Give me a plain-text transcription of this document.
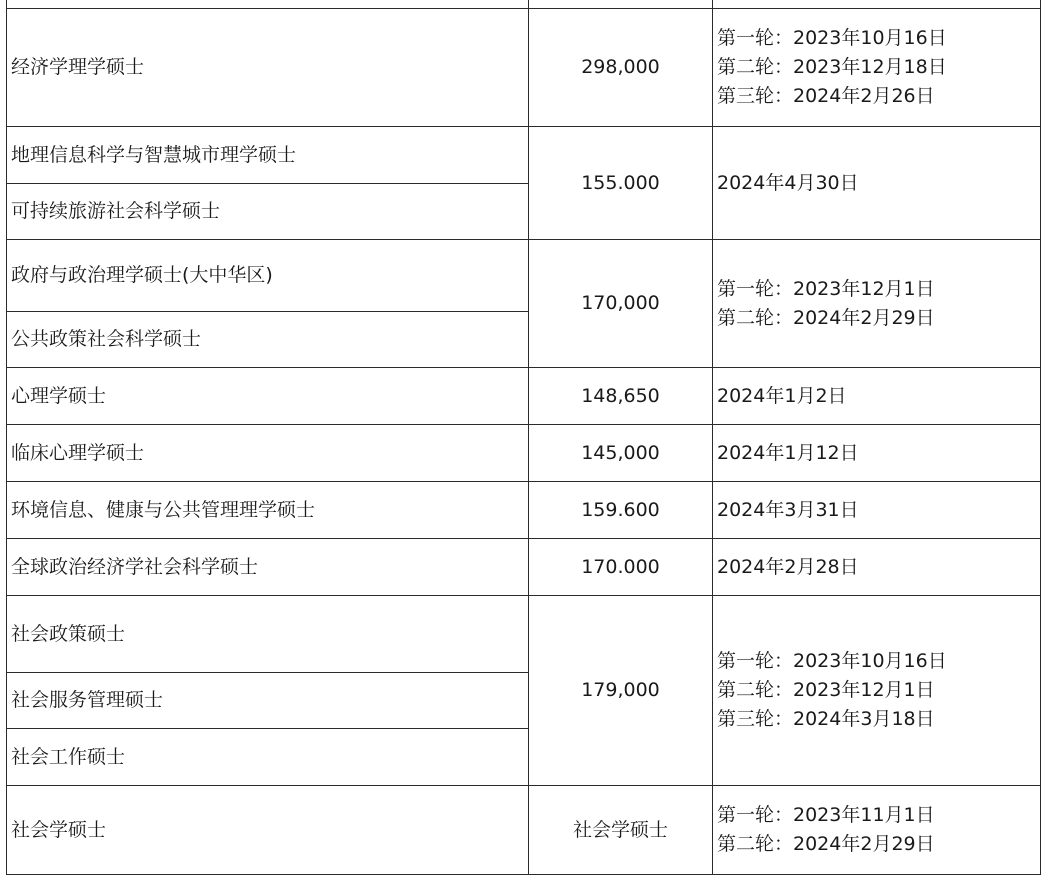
经济学理学硕士	298,000	第一轮：2023年10月16日
第二轮：2023年12月18日
第三轮：2024年2月26日

地理信息科学与智慧城市理学硕士	155.000	2024年4月30日

可持续旅游社会科学硕士		
政府与政治理学硕士(大中华区)	170,000	第一轮：2023年12月1日
第二轮：2024年2月29日

公共政策社会科学硕士		
心理学硕士	148,650	2024年1月2日

临床心理学硕士	145,000	2024年1月12日

环境信息、健康与公共管理理学硕士	159.600	2024年3月31日

全球政治经济学社会科学硕士	170.000	2024年2月28日

社会政策硕士	179,000	第一轮：2023年10月16日
第二轮：2023年12月1日
第三轮：2024年3月18日

社会服务管理硕士		
社会工作硕士		
社会学硕士	社会学硕士	第一轮：2023年11月1日
第二轮：2024年2月29日
